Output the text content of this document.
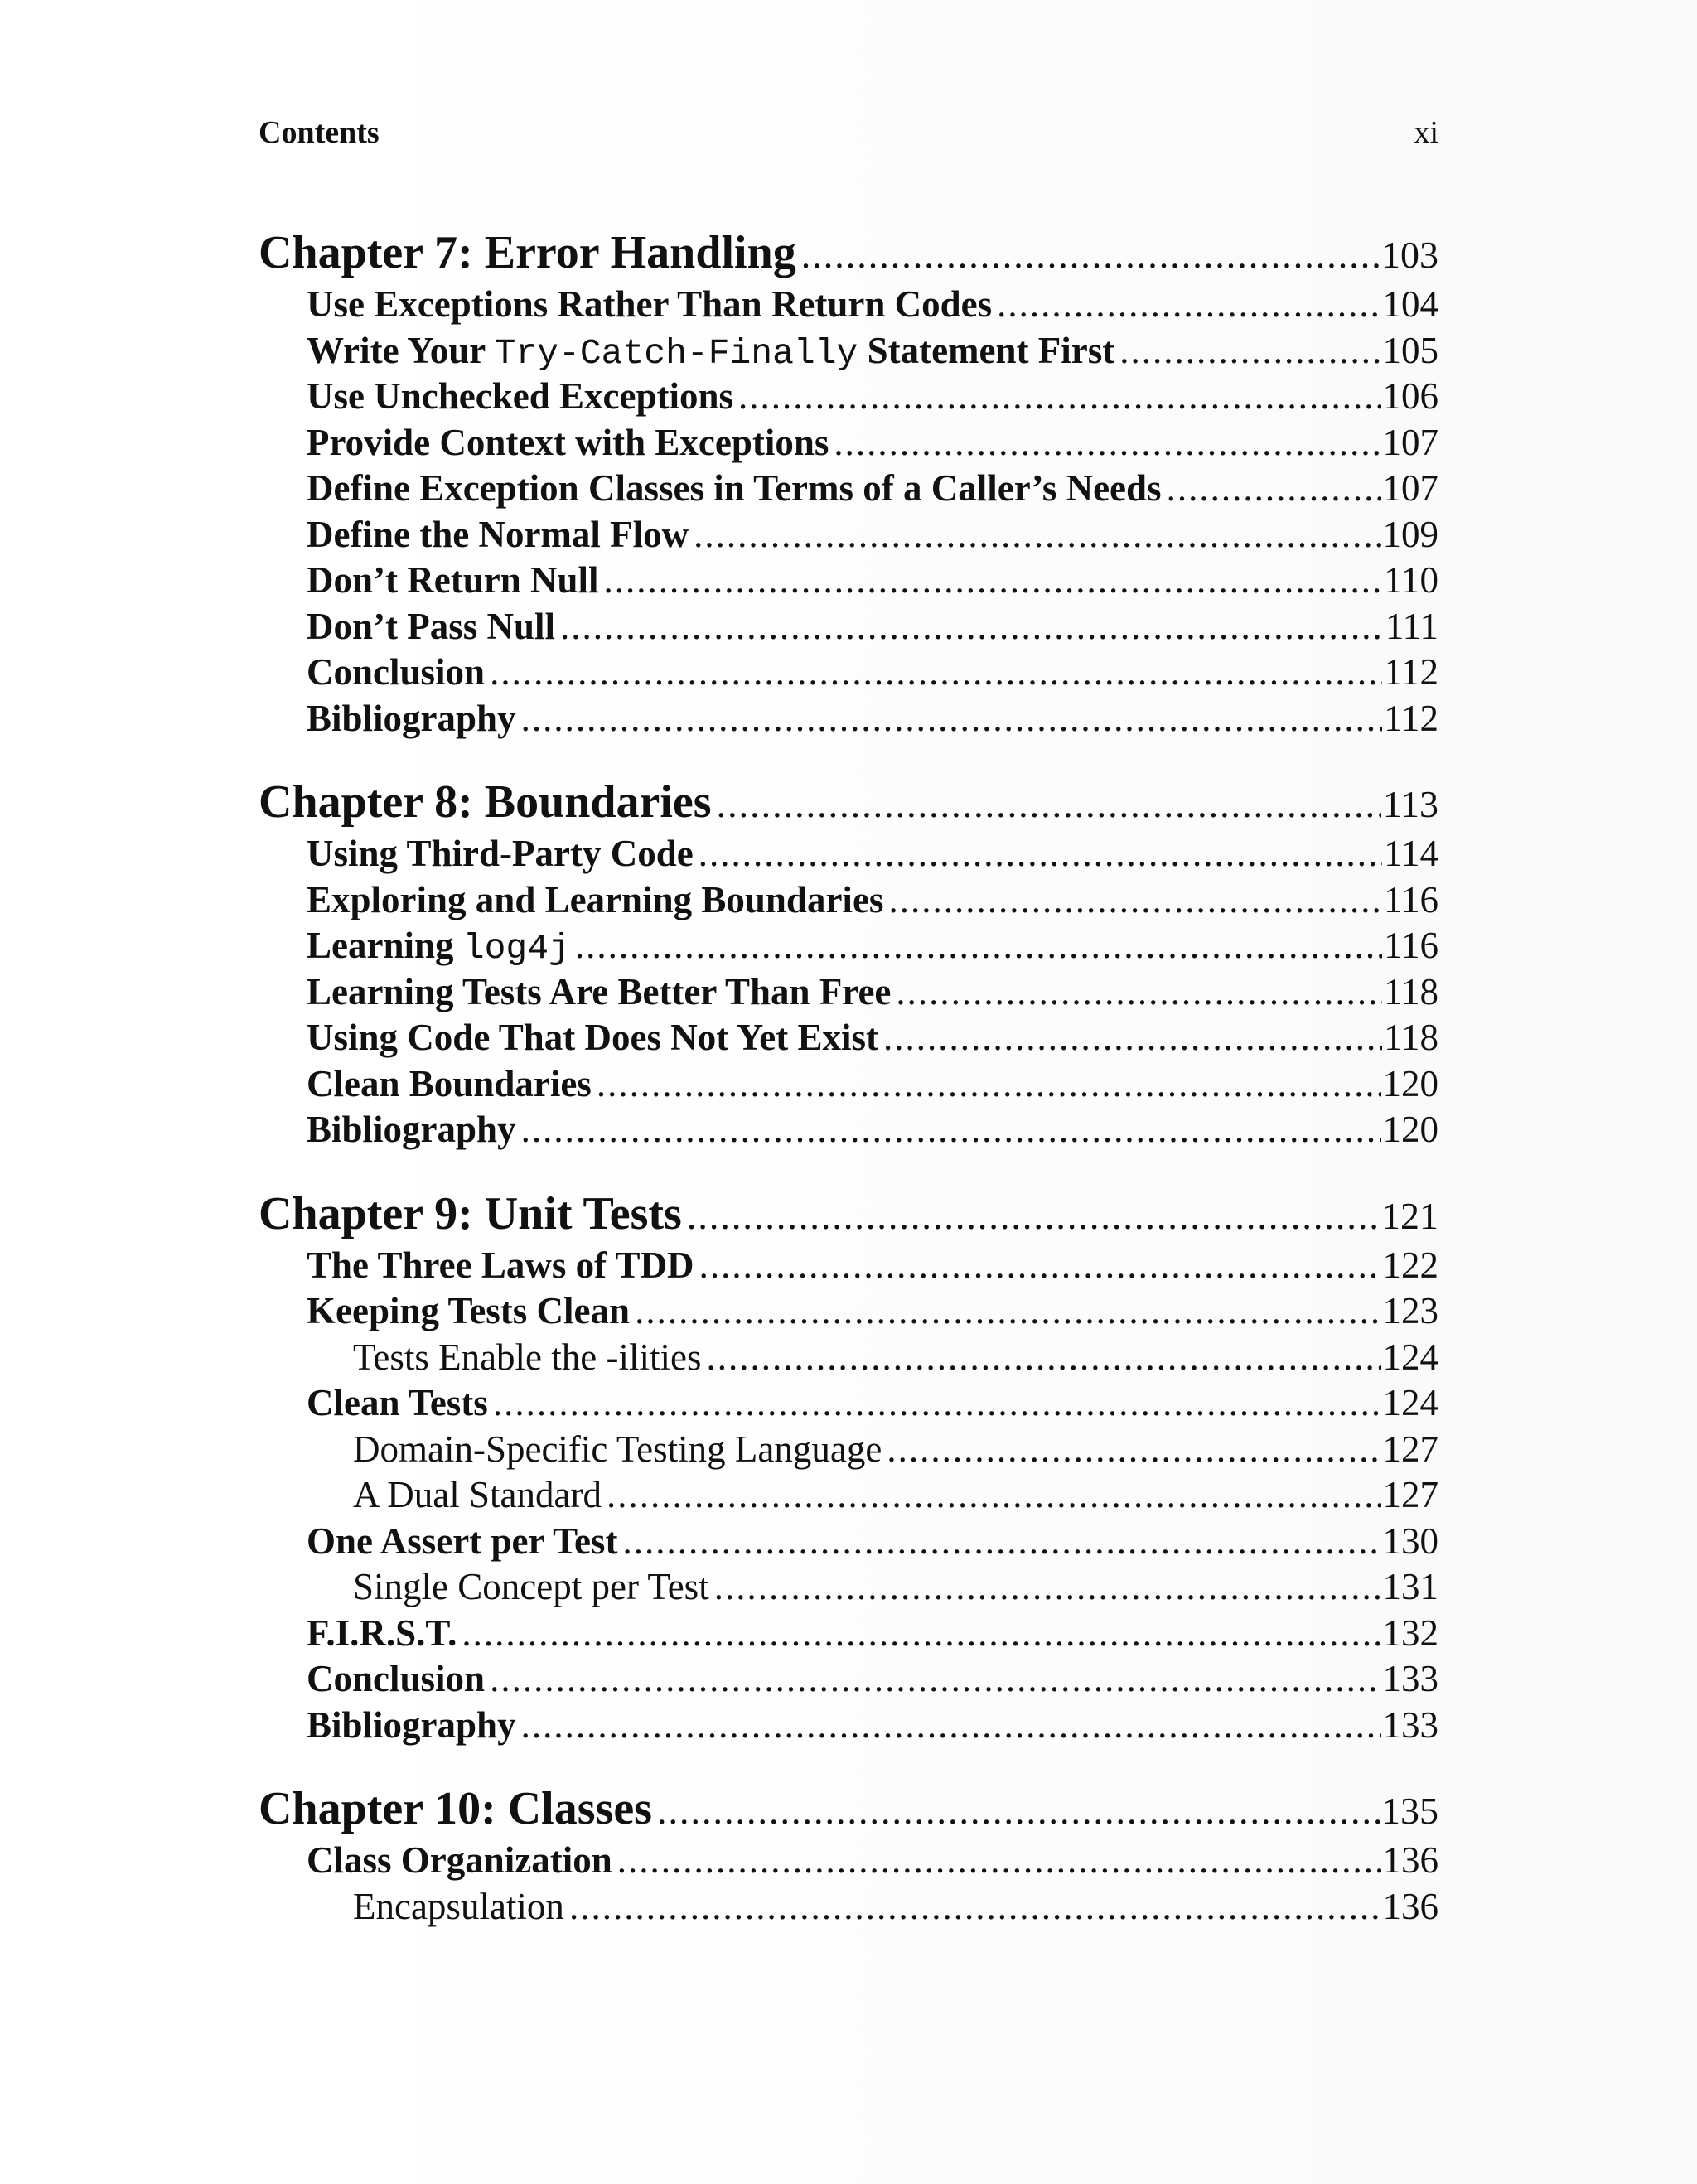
Contents	xi
Chapter 7: Error Handling .....	103
Use Exceptions Rather Than Return Codes .....	104
Write Your Try-Catch-Finally Statement First .....	105
Use Unchecked Exceptions .....	106
Provide Context with Exceptions .....	107
Define Exception Classes in Terms of a Caller’s Needs .....	107
Define the Normal Flow .....	109
Don’t Return Null .....	110
Don’t Pass Null .....	111
Conclusion .....	112
Bibliography .....	112
Chapter 8: Boundaries .....	113
Using Third-Party Code .....	114
Exploring and Learning Boundaries .....	116
Learning log4j .....	116
Learning Tests Are Better Than Free .....	118
Using Code That Does Not Yet Exist .....	118
Clean Boundaries .....	120
Bibliography .....	120
Chapter 9: Unit Tests .....	121
The Three Laws of TDD .....	122
Keeping Tests Clean .....	123
Tests Enable the -ilities .....	124
Clean Tests .....	124
Domain-Specific Testing Language .....	127
A Dual Standard .....	127
One Assert per Test .....	130
Single Concept per Test .....	131
F.I.R.S.T. .....	132
Conclusion .....	133
Bibliography .....	133
Chapter 10: Classes .....	135
Class Organization .....	136
Encapsulation .....	136
